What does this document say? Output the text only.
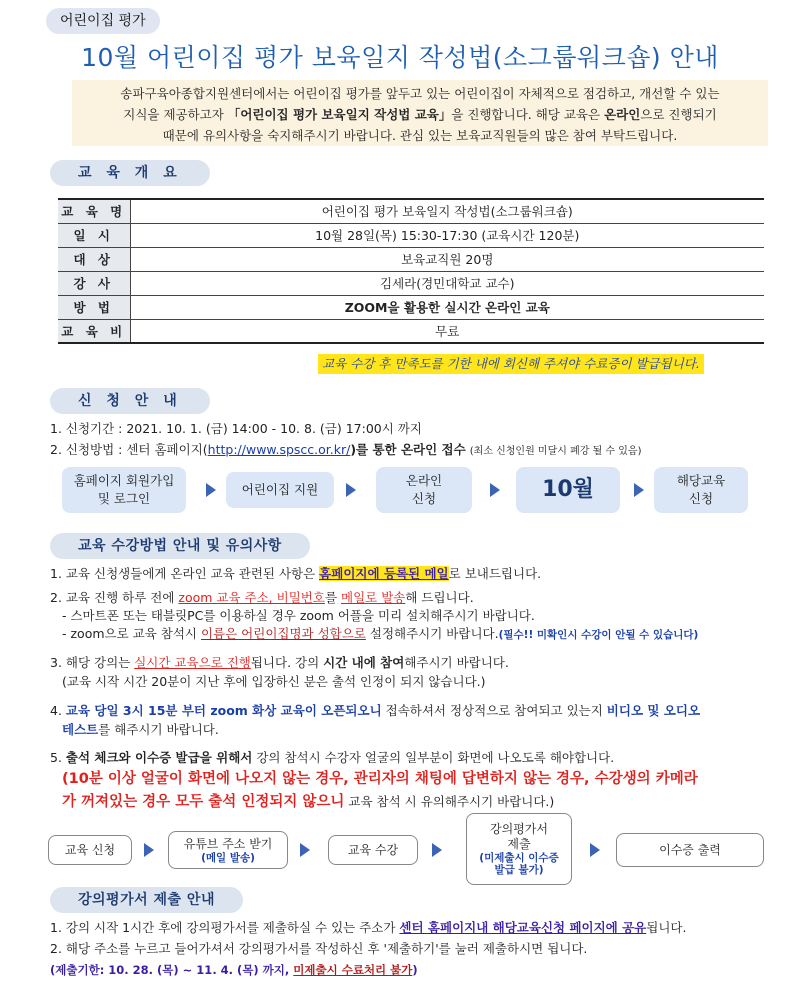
어린이집 평가
10월 어린이집 평가 보육일지 작성법(소그룹워크숍) 안내
송파구육아종합지원센터에서는 어린이집 평가를 앞두고 있는 어린이집이 자체적으로 점검하고, 개선할 수 있는
지식을 제공하고자 「어린이집 평가 보육일지 작성법 교육」을 진행합니다. 해당 교육은 온라인으로 진행되기
때문에 유의사항을 숙지해주시기 바랍니다. 관심 있는 보육교직원들의 많은 참여 부탁드립니다.
교 육 개 요
교 육 명	어린이집 평가 보육일지 작성법(소그룹워크숍)
일 시	10월 28일(목) 15:30-17:30 (교육시간 120분)
대 상	보육교직원 20명
강 사	김세라(경민대학교 교수)
방 법	ZOOM을 활용한 실시간 온라인 교육
교 육 비	무료
교육 수강 후 만족도를 기한 내에 회신해 주셔야 수료증이 발급됩니다.
신 청 안 내
1. 신청기간 : 2021. 10. 1. (금) 14:00 - 10. 8. (금) 17:00시 까지
2. 신청방법 : 센터 홈페이지(http://www.spscc.or.kr/)를 통한 온라인 접수 (최소 신청인원 미달시 폐강 될 수 있음)
홈페이지 회원가입
및 로그인
어린이집 지원
온라인
신청	10월	해당교육
신청
교육 수강방법 안내 및 유의사항
1. 교육 신청생들에게 온라인 교육 관련된 사항은 홈페이지에 등록된 메일로 보내드립니다.
2. 교육 진행 하루 전에 zoom 교육 주소, 비밀번호를 메일로 발송해 드립니다.
- 스마트폰 또는 태블릿PC를 이용하실 경우 zoom 어플을 미리 설치해주시기 바랍니다.
- zoom으로 교육 참석시 이름은 어린이집명과 성함으로 설정해주시기 바랍니다.(필수!! 미확인시 수강이 안될 수 있습니다)
3. 해당 강의는 실시간 교육으로 진행됩니다. 강의 시간 내에 참여해주시기 바랍니다.
(교육 시작 시간 20분이 지난 후에 입장하신 분은 출석 인정이 되지 않습니다.)
4. 교육 당일 3시 15분 부터 zoom 화상 교육이 오픈되오니 접속하셔서 정상적으로 참여되고 있는지 비디오 및 오디오
테스트를 해주시기 바랍니다.
5. 출석 체크와 이수증 발급을 위해서 강의 참석시 수강자 얼굴의 일부분이 화면에 나오도록 해야합니다.
(10분 이상 얼굴이 화면에 나오지 않는 경우, 관리자의 채팅에 답변하지 않는 경우, 수강생의 카메라
가 꺼져있는 경우 모두 출석 인정되지 않으니 교육 참석 시 유의해주시기 바랍니다.)
교육 신청	유튜브 주소 받기
(메일 발송)
교육 수강
강의평가서
제출
(미제출시 이수증
발급 불가)
이수증 출력
강의평가서 제출 안내
1. 강의 시작 1시간 후에 강의평가서를 제출하실 수 있는 주소가 센터 홈페이지내 해당교육신청 페이지에 공유됩니다.
2. 해당 주소를 누르고 들어가셔서 강의평가서를 작성하신 후 '제출하기'를 눌러 제출하시면 됩니다.
(제출기한: 10. 28. (목) ~ 11. 4. (목) 까지, 미제출시 수료처리 불가)
